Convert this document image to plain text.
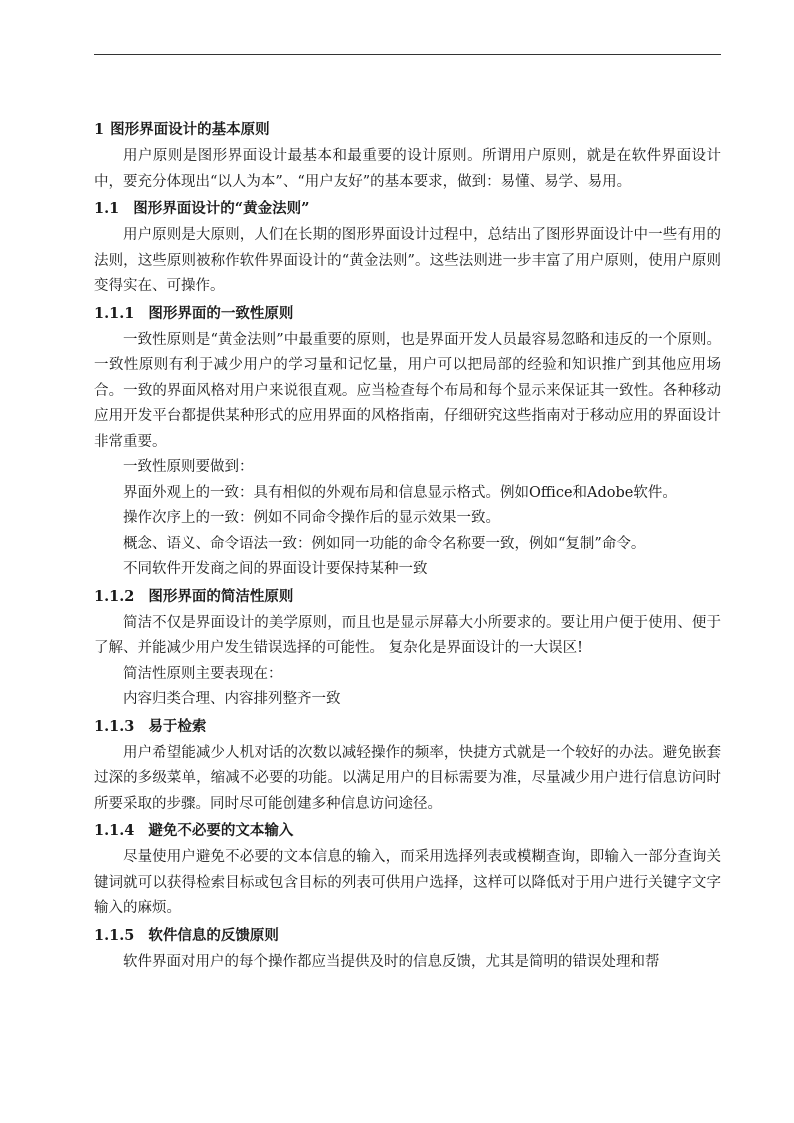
1 图形界面设计的基本原则

用户原则是图形界面设计最基本和最重要的设计原则。所谓用户原则，就是在软件界面设计中，要充分体现出“以人为本”、“用户友好”的基本要求，做到：易懂、易学、易用。

1.1 图形界面设计的“黄金法则”

用户原则是大原则，人们在长期的图形界面设计过程中，总结出了图形界面设计中一些有用的法则，这些原则被称作软件界面设计的“黄金法则”。这些法则进一步丰富了用户原则，使用户原则变得实在、可操作。

1.1.1 图形界面的一致性原则

一致性原则是“黄金法则”中最重要的原则，也是界面开发人员最容易忽略和违反的一个原则。一致性原则有利于减少用户的学习量和记忆量，用户可以把局部的经验和知识推广到其他应用场合。一致的界面风格对用户来说很直观。应当检查每个布局和每个显示来保证其一致性。各种移动应用开发平台都提供某种形式的应用界面的风格指南，仔细研究这些指南对于移动应用的界面设计非常重要。

一致性原则要做到：

界面外观上的一致：具有相似的外观布局和信息显示格式。例如Office和Adobe软件。

操作次序上的一致：例如不同命令操作后的显示效果一致。

概念、语义、命令语法一致：例如同一功能的命令名称要一致，例如“复制”命令。

不同软件开发商之间的界面设计要保持某种一致

1.1.2 图形界面的简洁性原则

简洁不仅是界面设计的美学原则，而且也是显示屏幕大小所要求的。要让用户便于使用、便于了解、并能减少用户发生错误选择的可能性。 复杂化是界面设计的一大误区!

简洁性原则主要表现在：

内容归类合理、内容排列整齐一致

1.1.3 易于检索

用户希望能减少人机对话的次数以减轻操作的频率，快捷方式就是一个较好的办法。避免嵌套过深的多级菜单，缩减不必要的功能。以满足用户的目标需要为准，尽量减少用户进行信息访问时所要采取的步骤。同时尽可能创建多种信息访问途径。

1.1.4 避免不必要的文本输入

尽量使用户避免不必要的文本信息的输入，而采用选择列表或模糊查询，即输入一部分查询关键词就可以获得检索目标或包含目标的列表可供用户选择，这样可以降低对于用户进行关键字文字输入的麻烦。

1.1.5 软件信息的反馈原则

软件界面对用户的每个操作都应当提供及时的信息反馈，尤其是简明的错误处理和帮
